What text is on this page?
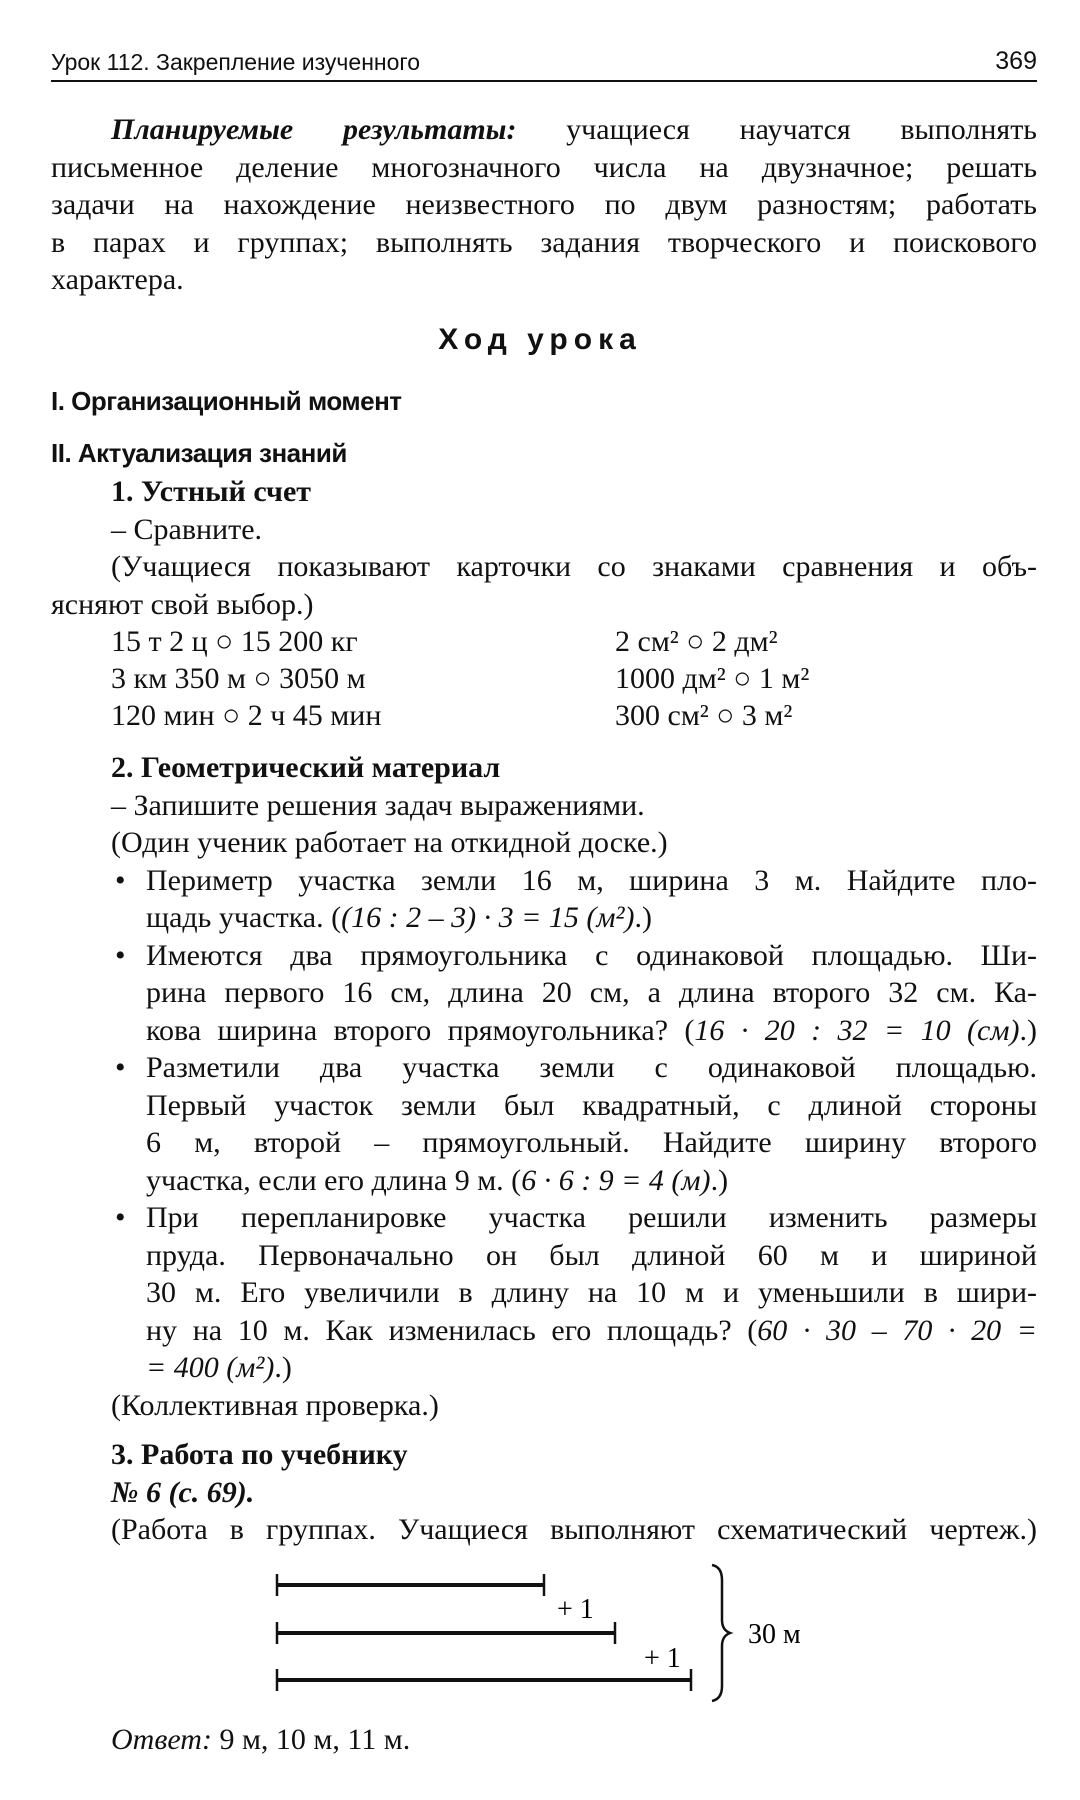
Урок 112. Закрепление изученного	369
Планируемые результаты: учащиеся научатся выполнять
письменное деление многозначного числа на двузначное; решать
задачи на нахождение неизвестного по двум разностям; работать
в парах и группах; выполнять задания творческого и поискового
характера.
Ход урока
I. Организационный момент
II. Актуализация знаний
1. Устный счет
– Сравните.
(Учащиеся показывают карточки со знаками сравнения и объ-
ясняют свой выбор.)
15 т 2 ц ○ 15 200 кг	2 см² ○ 2 дм²
3 км 350 м ○ 3050 м	1000 дм² ○ 1 м²
120 мин ○ 2 ч 45 мин	300 см² ○ 3 м²
2. Геометрический материал
– Запишите решения задач выражениями.
(Один ученик работает на откидной доске.)
• Периметр участка земли 16 м, ширина 3 м. Найдите пло-
щадь участка. ((16 : 2 – 3) · 3 = 15 (м²).)
• Имеются два прямоугольника с одинаковой площадью. Ши-
рина первого 16 см, длина 20 см, а длина второго 32 см. Ка-
кова ширина второго прямоугольника? (16 · 20 : 32 = 10 (см).)
• Разметили два участка земли с одинаковой площадью.
Первый участок земли был квадратный, с длиной стороны
6 м, второй – прямоугольный. Найдите ширину второго
участка, если его длина 9 м. (6 · 6 : 9 = 4 (м).)
• При перепланировке участка решили изменить размеры
пруда. Первоначально он был длиной 60 м и шириной
30 м. Его увеличили в длину на 10 м и уменьшили в шири-
ну на 10 м. Как изменилась его площадь? (60 · 30 – 70 · 20 =
= 400 (м²).)
(Коллективная проверка.)
3. Работа по учебнику
№ 6 (с. 69).
(Работа в группах. Учащиеся выполняют схематический чертеж.)
+ 1
+ 1
30 м
Ответ: 9 м, 10 м, 11 м.
